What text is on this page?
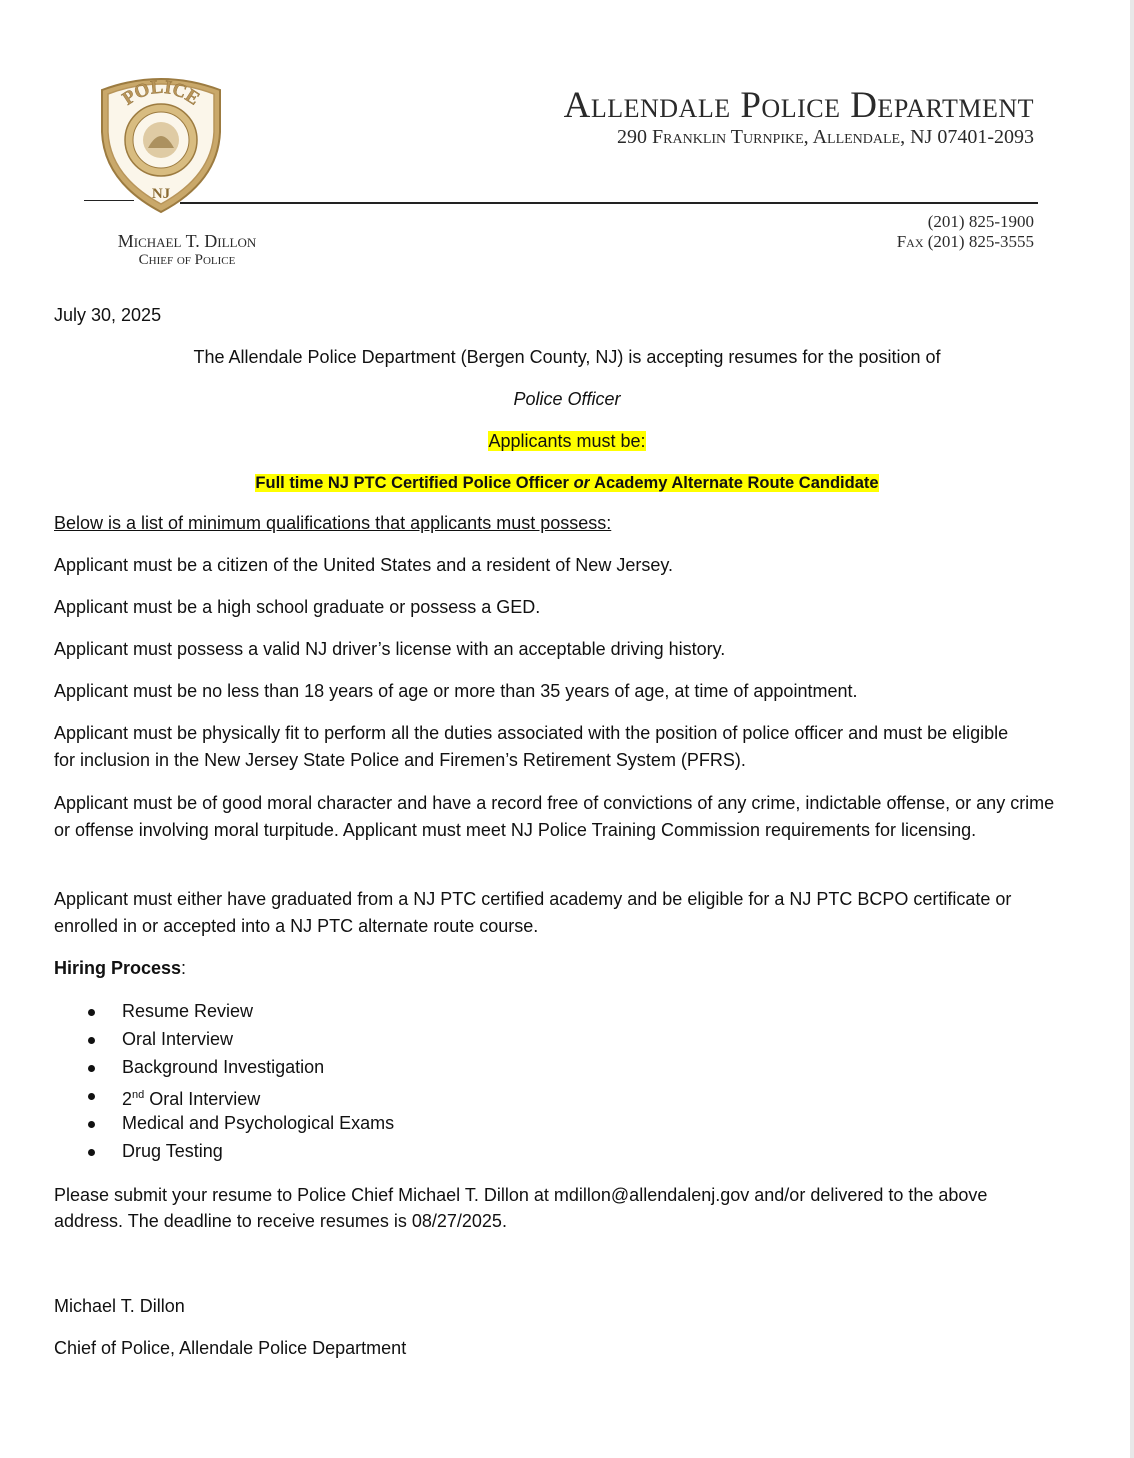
POLICE
NJ
Allendale Police Department
290 Franklin Turnpike, Allendale, NJ 07401-2093
(201) 825-1900
Fax (201) 825-3555
Michael T. Dillon
Chief of Police
July 30, 2025
The Allendale Police Department (Bergen County, NJ) is accepting resumes for the position of
Police Officer
Applicants must be:
Full time NJ PTC Certified Police Officer or Academy Alternate Route Candidate
Below is a list of minimum qualifications that applicants must possess:
Applicant must be a citizen of the United States and a resident of New Jersey.
Applicant must be a high school graduate or possess a GED.
Applicant must possess a valid NJ driver’s license with an acceptable driving history.
Applicant must be no less than 18 years of age or more than 35 years of age, at time of appointment.
Applicant must be physically fit to perform all the duties associated with the position of police officer and must be eligible for inclusion in the New Jersey State Police and Firemen’s Retirement System (PFRS).
Applicant must be of good moral character and have a record free of convictions of any crime, indictable offense, or any crime or offense involving moral turpitude. Applicant must meet NJ Police Training Commission requirements for licensing.
Applicant must either have graduated from a NJ PTC certified academy and be eligible for a NJ PTC BCPO certificate or enrolled in or accepted into a NJ PTC alternate route course.
Hiring Process:
Resume Review
Oral Interview
Background Investigation
2nd Oral Interview
Medical and Psychological Exams
Drug Testing
Please submit your resume to Police Chief Michael T. Dillon at mdillon@allendalenj.gov and/or delivered to the above address. The deadline to receive resumes is 08/27/2025.
Michael T. Dillon
Chief of Police, Allendale Police Department
